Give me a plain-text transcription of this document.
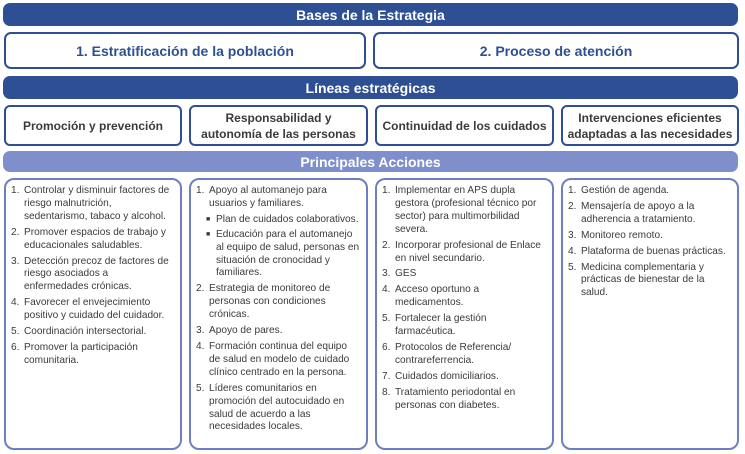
Bases de la Estrategia
1. Estratificación de la población	2. Proceso de atención
Líneas estratégicas
Promoción y prevención
Responsabilidad y autonomía de las personas
Continuidad de los cuidados
Intervenciones eficientes adaptadas a las necesidades
Principales Acciones
1. Controlar y disminuir factores de riesgo malnutrición, sedentarismo, tabaco y alcohol.
2. Promover espacios de trabajo y educacionales saludables.
3. Detección precoz de factores de riesgo asociados a enfermedades crónicas.
4. Favorecer el envejecimiento positivo y cuidado del cuidador.
5. Coordinación intersectorial.
6. Promover la participación comunitaria.
1. Apoyo al automanejo para usuarios y familiares.
■ Plan de cuidados colaborativos.
■ Educación para el automanejo al equipo de salud, personas en situación de cronocidad y familiares.
2. Estrategia de monitoreo de personas con condiciones crónicas.
3. Apoyo de pares.
4. Formación continua del equipo de salud en modelo de cuidado clínico centrado en la persona.
5. Líderes comunitarios en promoción del autocuidado en salud de acuerdo a las necesidades locales.
1. Implementar en APS dupla gestora (profesional técnico por sector) para multimorbilidad severa.
2. Incorporar profesional de Enlace en nivel secundario.
3. GES
4. Acceso oportuno a medicamentos.
5. Fortalecer la gestión farmacéutica.
6. Protocolos de Referencia/ contrareferrencia.
7. Cuidados domiciliarios.
8. Tratamiento periodontal en personas con diabetes.
1. Gestión de agenda.
2. Mensajería de apoyo a la adherencia a tratamiento.
3. Monitoreo remoto.
4. Plataforma de buenas prácticas.
5. Medicina complementaria y prácticas de bienestar de la salud.
